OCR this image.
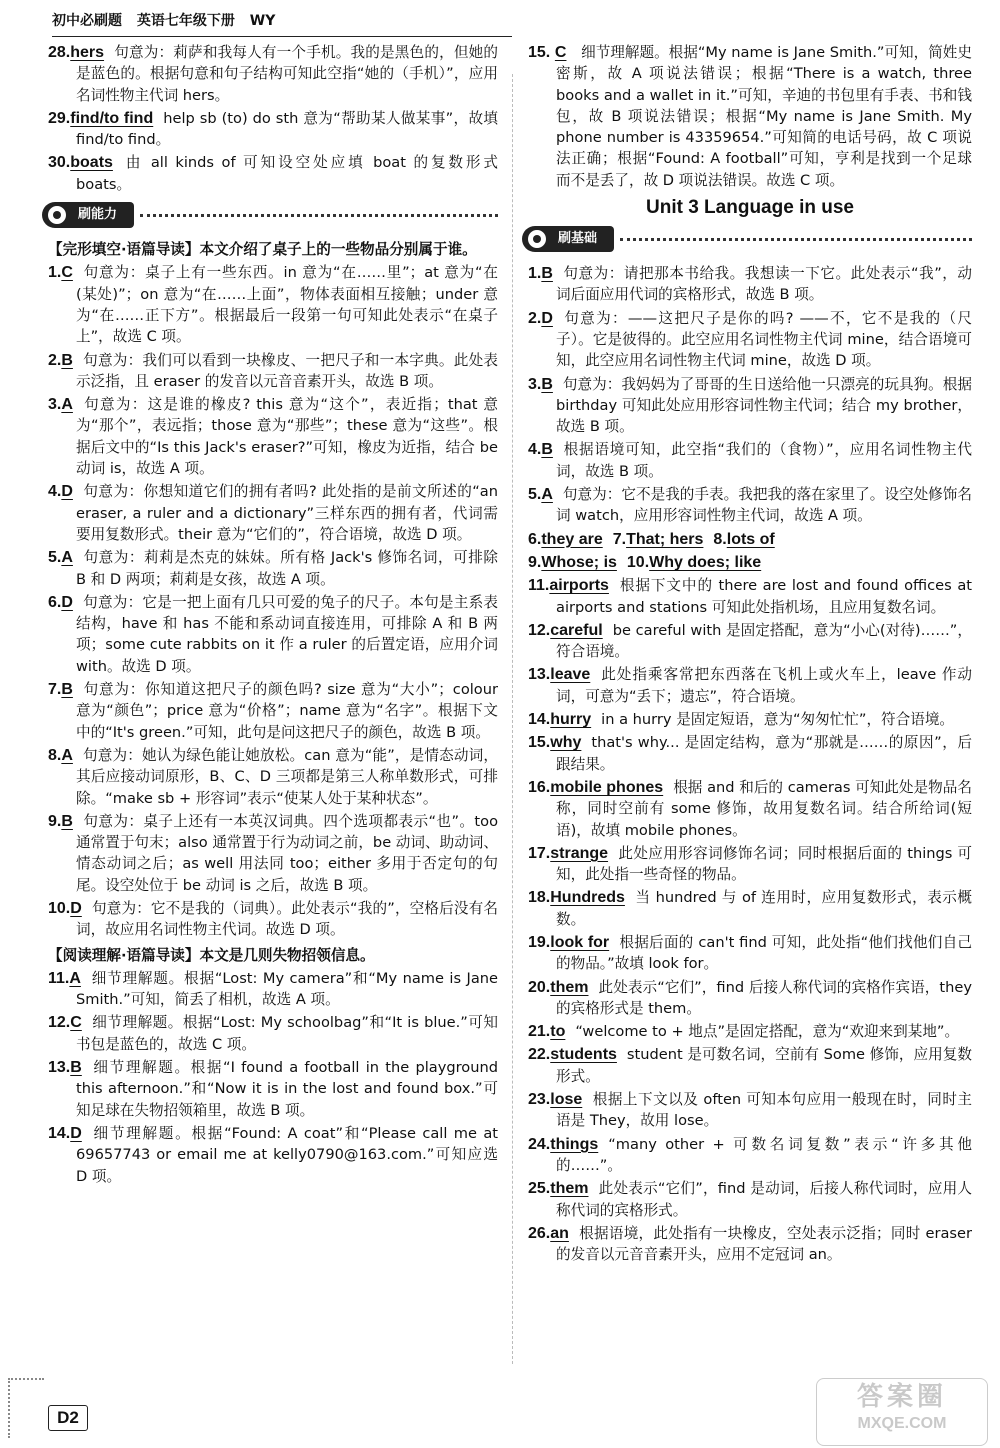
初中必刷题 英语七年级下册 WY
28.hers 句意为：莉萨和我每人有一个手机。我的是黑色的，但她的是蓝色的。根据句意和句子结构可知此空指“她的（手机）”，应用名词性物主代词 hers。
29.find/to find help sb (to) do sth 意为“帮助某人做某事”，故填 find/to find。
30.boats 由 all kinds of 可知设空处应填 boat 的复数形式 boats。
刷能力
【完形填空·语篇导读】本文介绍了桌子上的一些物品分别属于谁。
1.C 句意为：桌子上有一些东西。in 意为“在……里”；at 意为“在(某处)”；on 意为“在……上面”，物体表面相互接触；under 意为“在……正下方”。根据最后一段第一句可知此处表示“在桌子上”，故选 C 项。
2.B 句意为：我们可以看到一块橡皮、一把尺子和一本字典。此处表示泛指，且 eraser 的发音以元音音素开头，故选 B 项。
3.A 句意为：这是谁的橡皮? this 意为“这个”，表近指；that 意为“那个”，表远指；those 意为“那些”；these 意为“这些”。根据后文中的“Is this Jack's eraser?”可知，橡皮为近指，结合 be 动词 is，故选 A 项。
4.D 句意为：你想知道它们的拥有者吗? 此处指的是前文所述的“an eraser, a ruler and a dictionary”三样东西的拥有者，代词需要用复数形式。their 意为“它们的”，符合语境，故选 D 项。
5.A 句意为：莉莉是杰克的妹妹。所有格 Jack's 修饰名词，可排除 B 和 D 两项；莉莉是女孩，故选 A 项。
6.D 句意为：它是一把上面有几只可爱的兔子的尺子。本句是主系表结构，have 和 has 不能和系动词直接连用，可排除 A 和 B 两项；some cute rabbits on it 作 a ruler 的后置定语，应用介词 with。故选 D 项。
7.B 句意为：你知道这把尺子的颜色吗? size 意为“大小”；colour 意为“颜色”；price 意为“价格”；name 意为“名字”。根据下文中的“It's green.”可知，此句是问这把尺子的颜色，故选 B 项。
8.A 句意为：她认为绿色能让她放松。can 意为“能”，是情态动词，其后应接动词原形，B、C、D 三项都是第三人称单数形式，可排除。“make sb + 形容词”表示“使某人处于某种状态”。
9.B 句意为：桌子上还有一本英汉词典。四个选项都表示“也”。too 通常置于句末；also 通常置于行为动词之前，be 动词、助动词、情态动词之后；as well 用法同 too；either 多用于否定句的句尾。设空处位于 be 动词 is 之后，故选 B 项。
10.D 句意为：它不是我的（词典）。此处表示“我的”，空格后没有名词，故应用名词性物主代词。故选 D 项。
【阅读理解·语篇导读】本文是几则失物招领信息。
11.A 细节理解题。根据“Lost: My camera”和“My name is Jane Smith.”可知，简丢了相机，故选 A 项。
12.C 细节理解题。根据“Lost: My schoolbag”和“It is blue.”可知书包是蓝色的，故选 C 项。
13.B 细节理解题。根据“I found a football in the playground this afternoon.”和“Now it is in the lost and found box.”可知足球在失物招领箱里，故选 B 项。
14.D 细节理解题。根据“Found: A coat”和“Please call me at 69657743 or email me at kelly0790@163.com.”可知应选 D 项。
15. C 细节理解题。根据“My name is Jane Smith.”可知，简姓史密斯，故 A 项说法错误；根据“There is a watch, three books and a wallet in it.”可知，辛迪的书包里有手表、书和钱包，故 B 项说法错误；根据“My name is Jane Smith. My phone number is 43359654.”可知简的电话号码，故 C 项说法正确；根据“Found: A football”可知，亨利是找到一个足球而不是丢了，故 D 项说法错误。故选 C 项。
Unit 3 Language in use
刷基础
1.B 句意为：请把那本书给我。我想读一下它。此处表示“我”，动词后面应用代词的宾格形式，故选 B 项。
2.D 句意为：——这把尺子是你的吗? ——不，它不是我的（尺子）。它是彼得的。此空应用名词性物主代词 mine，结合语境可知，此空应用名词性物主代词 mine，故选 D 项。
3.B 句意为：我妈妈为了哥哥的生日送给他一只漂亮的玩具狗。根据 birthday 可知此处应用形容词性物主代词；结合 my brother，故选 B 项。
4.B 根据语境可知，此空指“我们的（食物）”，应用名词性物主代词，故选 B 项。
5.A 句意为：它不是我的手表。我把我的落在家里了。设空处修饰名词 watch，应用形容词性物主代词，故选 A 项。
6.they are 7.That; hers 8.lots of
9.Whose; is 10.Why does; like
11.airports 根据下文中的 there are lost and found offices at airports and stations 可知此处指机场，且应用复数名词。
12.careful be careful with 是固定搭配，意为“小心(对待)……”，符合语境。
13.leave 此处指乘客常把东西落在飞机上或火车上，leave 作动词，可意为“丢下；遗忘”，符合语境。
14.hurry in a hurry 是固定短语，意为“匆匆忙忙”，符合语境。
15.why that's why... 是固定结构，意为“那就是……的原因”，后跟结果。
16.mobile phones 根据 and 和后的 cameras 可知此处是物品名称，同时空前有 some 修饰，故用复数名词。结合所给词(短语)，故填 mobile phones。
17.strange 此处应用形容词修饰名词；同时根据后面的 things 可知，此处指一些奇怪的物品。
18.Hundreds 当 hundred 与 of 连用时，应用复数形式，表示概数。
19.look for 根据后面的 can't find 可知，此处指“他们找他们自己的物品。”故填 look for。
20.them 此处表示“它们”，find 后接人称代词的宾格作宾语，they 的宾格形式是 them。
21.to “welcome to + 地点”是固定搭配，意为“欢迎来到某地”。
22.students student 是可数名词，空前有 Some 修饰，应用复数形式。
23.lose 根据上下文以及 often 可知本句应用一般现在时，同时主语是 They，故用 lose。
24.things “many other + 可数名词复数”表示“许多其他的……”。
25.them 此处表示“它们”，find 是动词，后接人称代词时，应用人称代词的宾格形式。
26.an 根据语境，此处指有一块橡皮，空处表示泛指；同时 eraser 的发音以元音音素开头，应用不定冠词 an。
D2
答案圈
MXQE.COM
